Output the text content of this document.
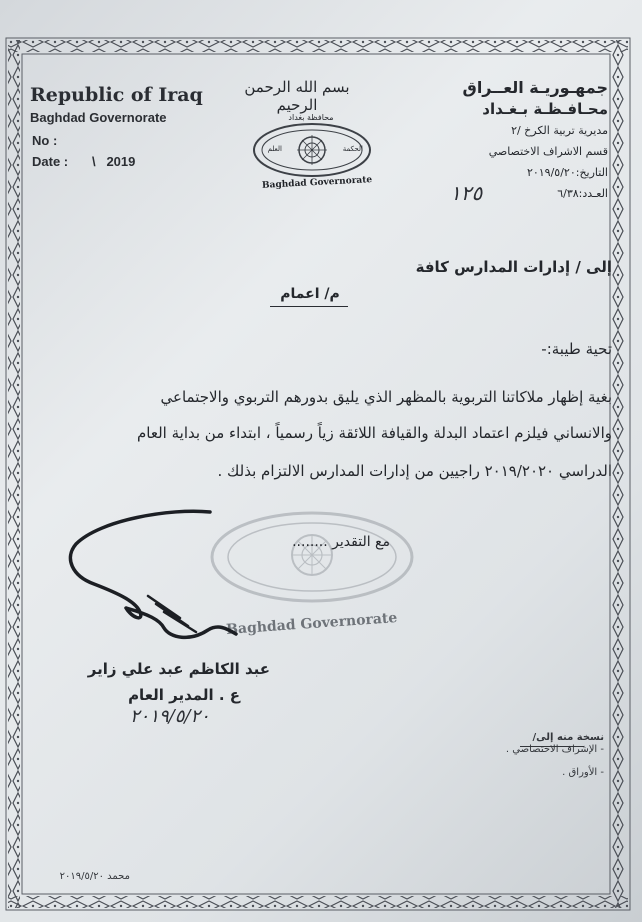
Republic of Iraq
Baghdad Governorate
No :
Date : \   2019
بسم الله الرحمن الرحيم
محافظة بغداد
العلم	الحكمة
Baghdad Governorate
جمهـوريـة العــراق
محـافـظـة بـغـداد
مديرية تربية الكرخ /٢
قسم الاشراف الاختصاصي
التاريخ:٢٠١٩/٥/٢٠
العـدد:٦/٣٨
١٢٥
إلى / إدارات المدارس كافة
م/ اعمام
تحية طيبة:-
بغية إظهار ملاكاتنا التربوية بالمظهر الذي يليق بدورهم التربوي والاجتماعي
والانساني فيلزم اعتماد البدلة والقيافة اللائقة زياً رسمياً ، ابتداء من بداية العام
الدراسي ٢٠١٩/٢٠٢٠ راجيين من إدارات المدارس الالتزام بذلك .
Baghdad Governorate
مع التقدير ........
عبد الكاظم عبد علي زاير
ع . المدير العام
٢٠١٩/٥/٢٠
نسخة منه إلى/
- الإشراف الاختصاصي .
- الأوراق .
محمد ٢٠١٩/٥/٢٠
